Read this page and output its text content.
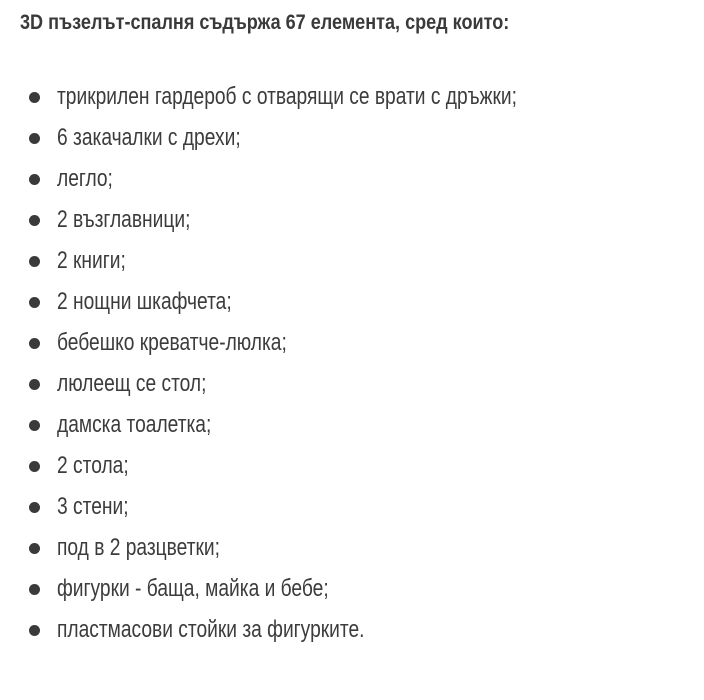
3D пъзелът-спалня съдържа 67 елемента, сред които:
трикрилен гардероб с отварящи се врати с дръжки;
6 закачалки с дрехи;
легло;
2 възглавници;
2 книги;
2 нощни шкафчета;
бебешко креватче-люлка;
люлеещ се стол;
дамска тоалетка;
2 стола;
3 стени;
под в 2 разцветки;
фигурки - баща, майка и бебе;
пластмасови стойки за фигурките.
